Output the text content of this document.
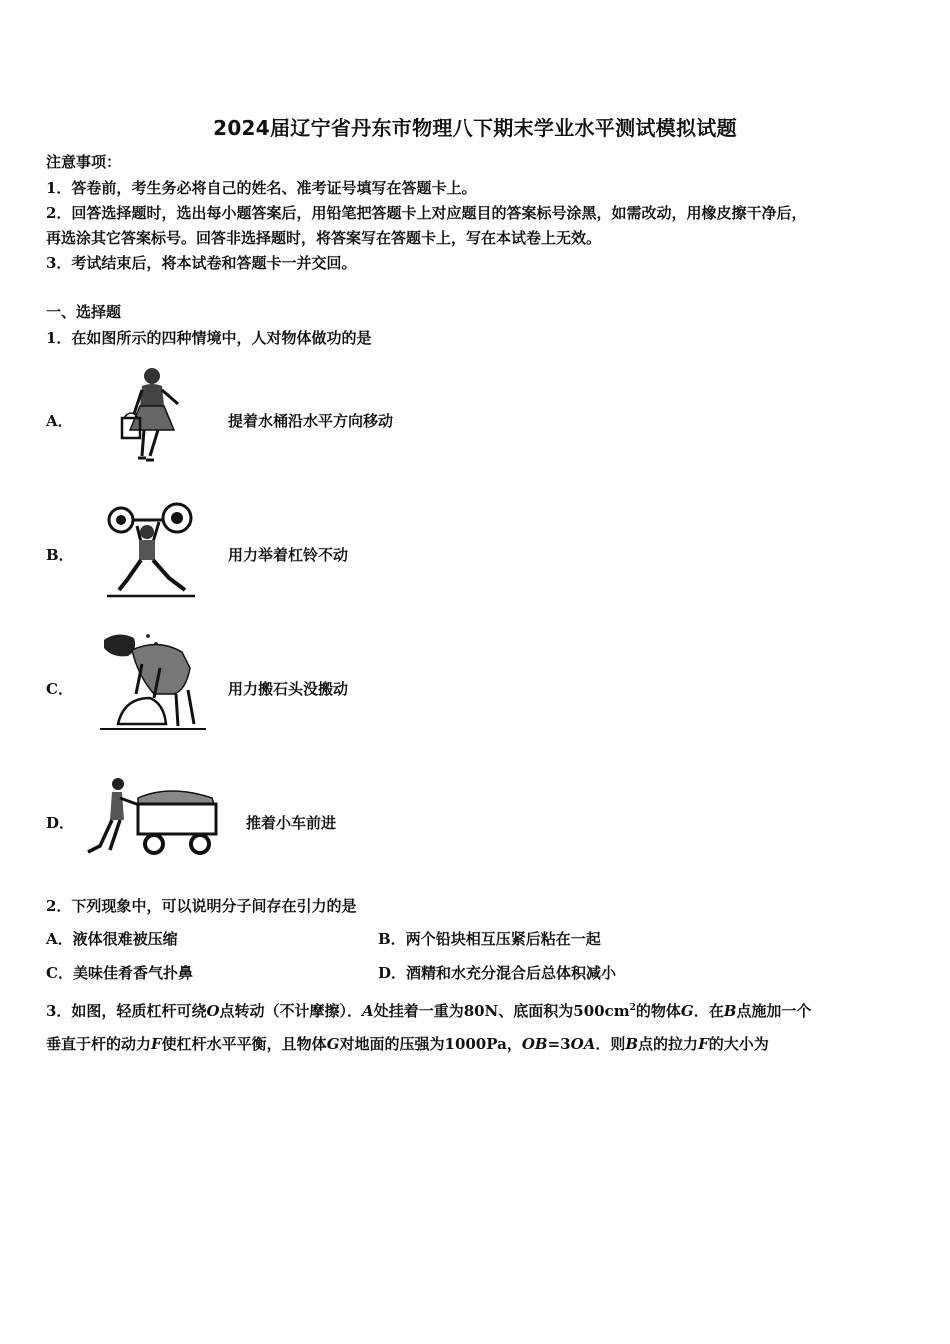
2024届辽宁省丹东市物理八下期末学业水平测试模拟试题
注意事项：
1．答卷前，考生务必将自己的姓名、准考证号填写在答题卡上。
2．回答选择题时，选出每小题答案后，用铅笔把答题卡上对应题目的答案标号涂黑，如需改动，用橡皮擦干净后，
再选涂其它答案标号。回答非选择题时，将答案写在答题卡上，写在本试卷上无效。
3．考试结束后，将本试卷和答题卡一并交回。
一、选择题
1．在如图所示的四种情境中，人对物体做功的是
A．	提着水桶沿水平方向移动
B．	用力举着杠铃不动
C．	用力搬石头没搬动
D．	推着小车前进
2．下列现象中，可以说明分子间存在引力的是
A．液体很难被压缩	B．两个铅块相互压紧后粘在一起
C．美味佳肴香气扑鼻	D．酒精和水充分混合后总体积减小
3．如图，轻质杠杆可绕O点转动（不计摩擦）．A处挂着一重为80N、底面积为$500cm^2$的物体G．在B点施加一个
垂直于杆的动力F使杠杆水平平衡，且物体G对地面的压强为1000Pa，OB=3OA．则B点的拉力F的大小为
